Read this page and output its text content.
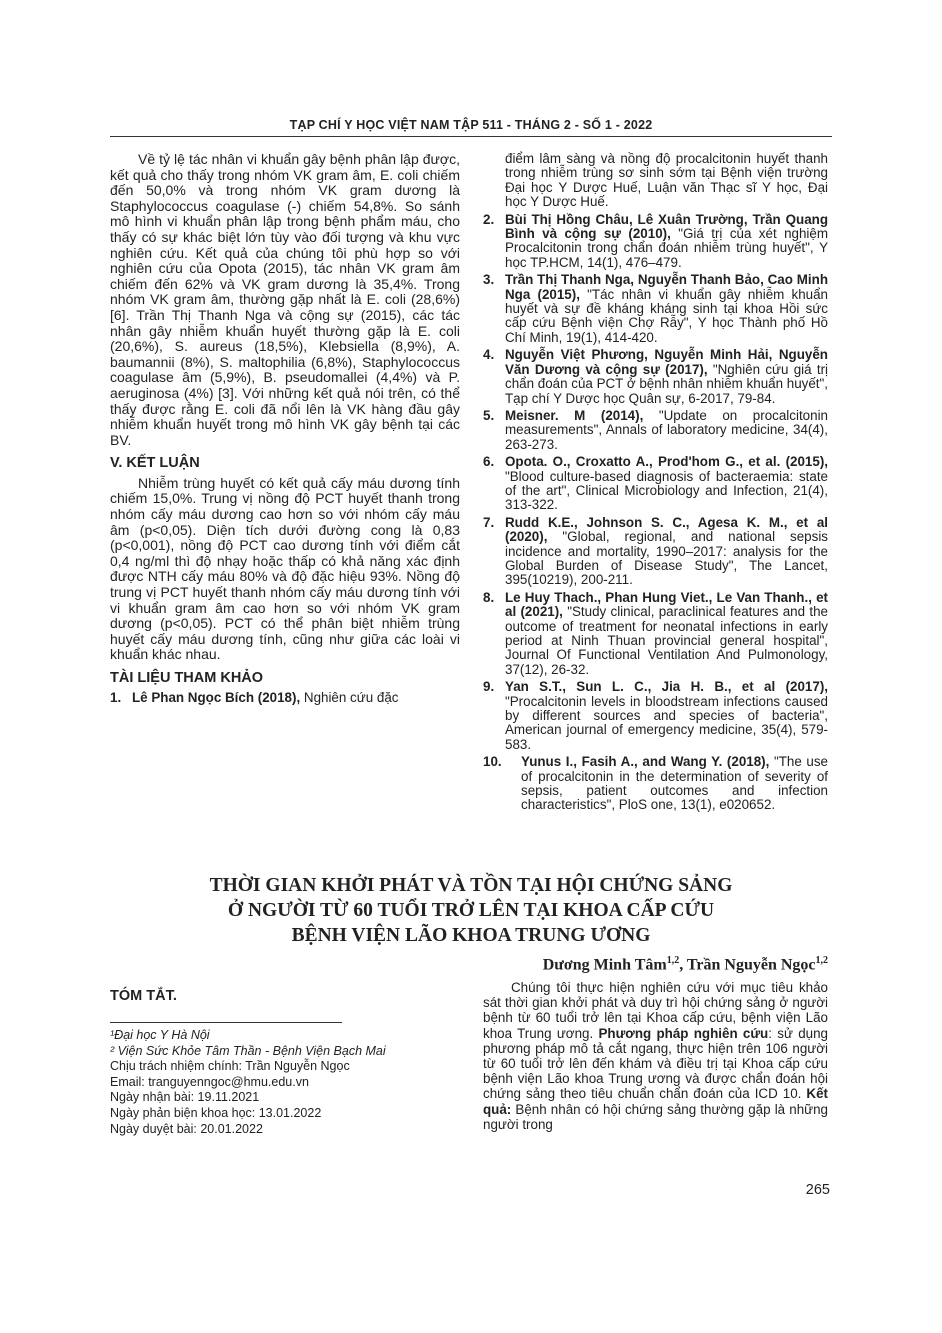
TẠP CHÍ Y HỌC VIỆT NAM TẬP 511 - THÁNG 2 - SỐ 1 - 2022

Về tỷ lệ tác nhân vi khuẩn gây bệnh phân lập được, kết quả cho thấy trong nhóm VK gram âm, E. coli chiếm đến 50,0% và trong nhóm VK gram dương là Staphylococcus coagulase (-) chiếm 54,8%. So sánh mô hình vi khuẩn phân lập trong bệnh phẩm máu, cho thấy có sự khác biệt lớn tùy vào đối tượng và khu vực nghiên cứu. Kết quả của chúng tôi phù hợp so với nghiên cứu của Opota (2015), tác nhân VK gram âm chiếm đến 62% và VK gram dương là 35,4%. Trong nhóm VK gram âm, thường gặp nhất là E. coli (28,6%) [6]. Trần Thị Thanh Nga và cộng sự (2015), các tác nhân gây nhiễm khuẩn huyết thường gặp là E. coli (20,6%), S. aureus (18,5%), Klebsiella (8,9%), A. baumannii (8%), S. maltophilia (6,8%), Staphylococcus coagulase âm (5,9%), B. pseudomallei (4,4%) và P. aeruginosa (4%) [3]. Với những kết quả nói trên, có thể thấy được rằng E. coli đã nổi lên là VK hàng đầu gây nhiễm khuẩn huyết trong mô hình VK gây bệnh tại các BV.

V. KẾT LUẬN

Nhiễm trùng huyết có kết quả cấy máu dương tính chiếm 15,0%. Trung vị nồng độ PCT huyết thanh trong nhóm cấy máu dương cao hơn so với nhóm cấy máu âm (p<0,05). Diện tích dưới đường cong là 0,83 (p<0,001), nồng độ PCT cao dương tính với điểm cắt 0,4 ng/ml thì độ nhạy hoặc thấp có khả năng xác định được NTH cấy máu 80% và độ đặc hiệu 93%. Nồng độ trung vị PCT huyết thanh nhóm cấy máu dương tính với vi khuẩn gram âm cao hơn so với nhóm VK gram dương (p<0,05). PCT có thể phân biệt nhiễm trùng huyết cấy máu dương tính, cũng như giữa các loài vi khuẩn khác nhau.

TÀI LIỆU THAM KHẢO
1. Lê Phan Ngọc Bích (2018), Nghiên cứu đặc
điểm lâm sàng và nồng độ procalcitonin huyết thanh trong nhiễm trùng sơ sinh sớm tại Bệnh viện trường Đại học Y Dược Huế, Luận văn Thạc sĩ Y học, Đại học Y Dược Huế.
2. Bùi Thị Hồng Châu, Lê Xuân Trường, Trần Quang Bình và cộng sự (2010), "Giá trị của xét nghiệm Procalcitonin trong chẩn đoán nhiễm trùng huyết", Y học TP.HCM, 14(1), 476–479.
3. Trần Thị Thanh Nga, Nguyễn Thanh Bảo, Cao Minh Nga (2015), "Tác nhân vi khuẩn gây nhiễm khuẩn huyết và sự đề kháng kháng sinh tại khoa Hồi sức cấp cứu Bệnh viện Chợ Rẫy", Y học Thành phố Hồ Chí Minh, 19(1), 414-420.
4. Nguyễn Việt Phương, Nguyễn Minh Hải, Nguyễn Văn Dương và cộng sự (2017), "Nghiên cứu giá trị chẩn đoán của PCT ở bệnh nhân nhiễm khuẩn huyết", Tạp chí Y Dược học Quân sự, 6-2017, 79-84.
5. Meisner. M (2014), "Update on procalcitonin measurements", Annals of laboratory medicine, 34(4), 263-273.
6. Opota. O., Croxatto A., Prod'hom G., et al. (2015), "Blood culture-based diagnosis of bacteraemia: state of the art", Clinical Microbiology and Infection, 21(4), 313-322.
7. Rudd K.E., Johnson S. C., Agesa K. M., et al (2020), "Global, regional, and national sepsis incidence and mortality, 1990–2017: analysis for the Global Burden of Disease Study", The Lancet, 395(10219), 200-211.
8. Le Huy Thach., Phan Hung Viet., Le Van Thanh., et al (2021), "Study clinical, paraclinical features and the outcome of treatment for neonatal infections in early period at Ninh Thuan provincial general hospital", Journal Of Functional Ventilation And Pulmonology, 37(12), 26-32.
9. Yan S.T., Sun L. C., Jia H. B., et al (2017), "Procalcitonin levels in bloodstream infections caused by different sources and species of bacteria", American journal of emergency medicine, 35(4), 579-583.
10.	Yunus I., Fasih A., and Wang Y. (2018), "The use of procalcitonin in the determination of severity of sepsis, patient outcomes and infection characteristics", PloS one, 13(1), e020652.
THỜI GIAN KHỞI PHÁT VÀ TỒN TẠI HỘI CHỨNG SẢNG
Ở NGƯỜI TỪ 60 TUỔI TRỞ LÊN TẠI KHOA CẤP CỨU
BỆNH VIỆN LÃO KHOA TRUNG ƯƠNG
Dương Minh Tâm$^{1,2}$, Trần Nguyễn Ngọc$^{1,2}$
TÓM TẮT.
¹Đại học Y Hà Nội
² Viện Sức Khỏe Tâm Thần - Bệnh Viện Bạch Mai
Chịu trách nhiệm chính: Trần Nguyễn Ngọc
Email: tranguyenngoc@hmu.edu.vn
Ngày nhận bài: 19.11.2021
Ngày phản biện khoa học: 13.01.2022
Ngày duyệt bài: 20.01.2022
Chúng tôi thực hiện nghiên cứu với mục tiêu khảo sát thời gian khởi phát và duy trì hội chứng sảng ở người bệnh từ 60 tuổi trở lên tại Khoa cấp cứu, bệnh viện Lão khoa Trung ương. Phương pháp nghiên cứu: sử dụng phương pháp mô tả cắt ngang, thực hiện trên 106 người từ 60 tuổi trở lên đến khám và điều trị tại Khoa cấp cứu bệnh viện Lão khoa Trung ương và được chẩn đoán hội chứng sảng theo tiêu chuẩn chẩn đoán của ICD 10. Kết quả: Bệnh nhân có hội chứng sảng thường gặp là những người trong
265
